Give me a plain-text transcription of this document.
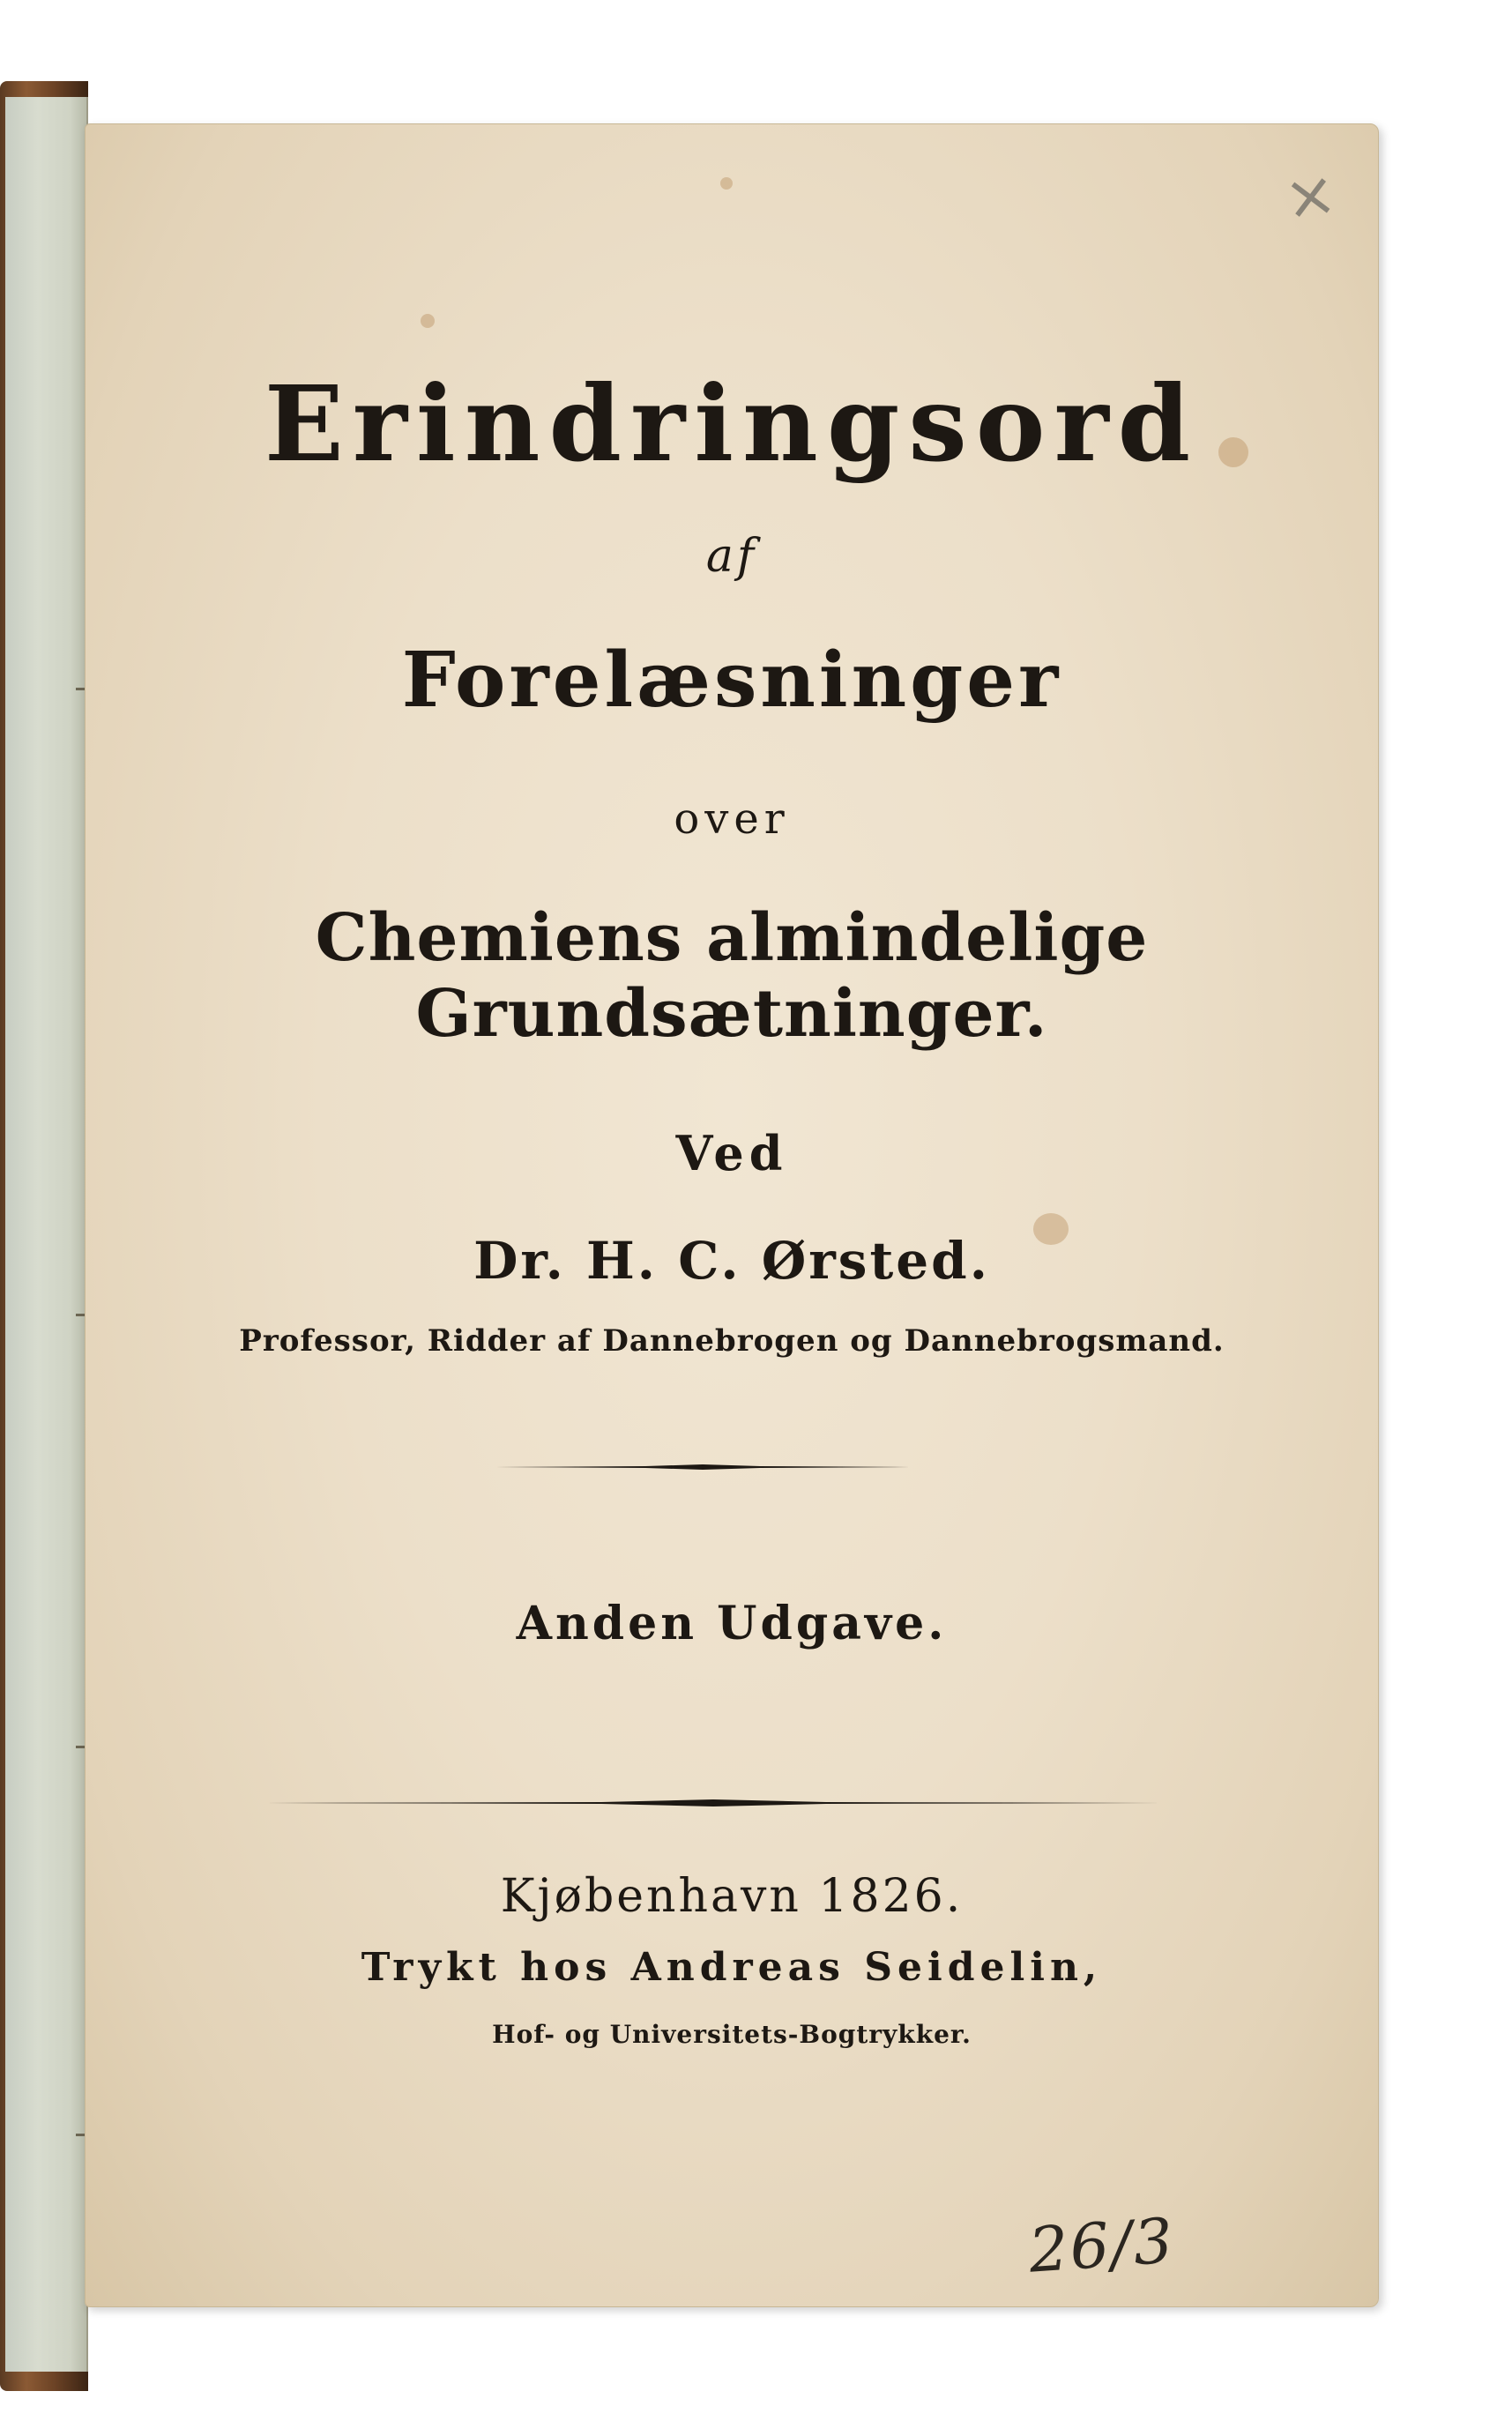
×
Erindringsord
af
Forelæsninger
over
Chemiens almindelige Grundsætninger.
Ved
Dr. H. C. Ørsted.
Professor, Ridder af Dannebrogen og Dannebrogsmand.
Anden Udgave.
Kjøbenhavn 1826.
Trykt hos Andreas Seidelin,
Hof- og Universitets-Bogtrykker.
26/3
